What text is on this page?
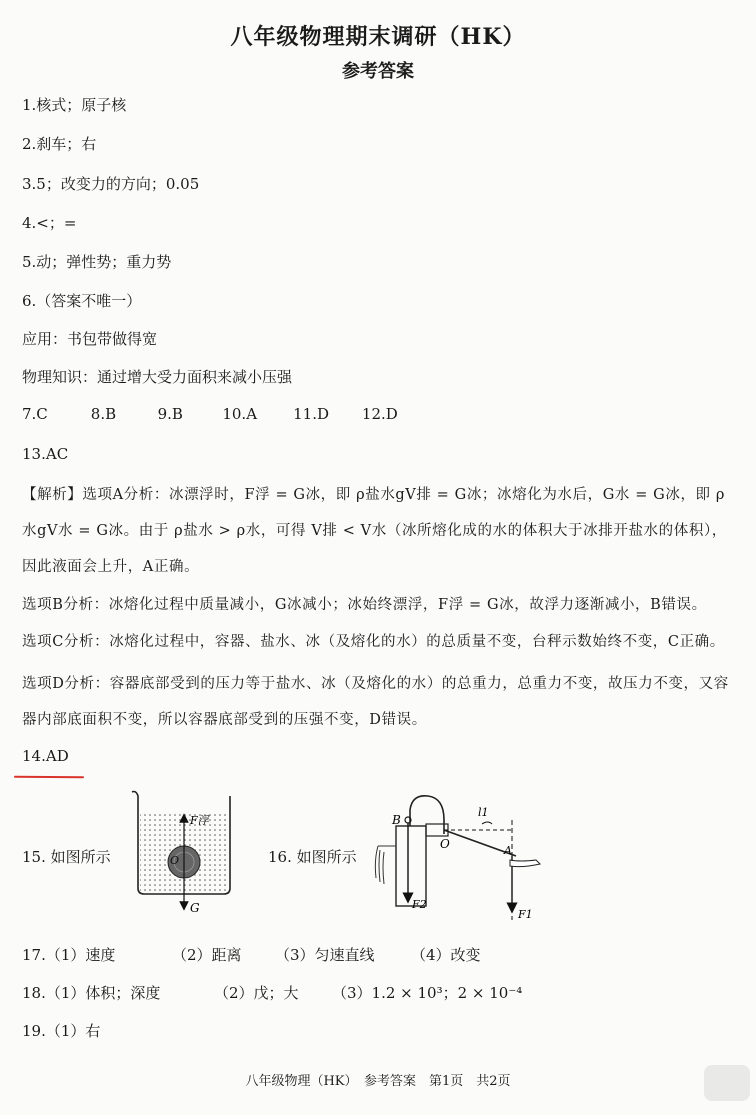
八年级物理期末调研（HK）
参考答案
1.核式；原子核
2.刹车；右
3.5；改变力的方向；0.05
4.<；=
5.动；弹性势；重力势
6.（答案不唯一）
应用：书包带做得宽
物理知识：通过增大受力面积来减小压强
7.C	8.B	9.B	10.A 11.D 12.D
13.AC
【解析】选项A分析：冰漂浮时，F浮 = G冰，即 ρ盐水gV排 = G冰；冰熔化为水后，G水 = G冰，即 ρ水gV水 = G冰。由于 ρ盐水 > ρ水，可得 V排 < V水（冰所熔化成的水的体积大于冰排开盐水的体积），因此液面会上升，A正确。
选项B分析：冰熔化过程中质量减小，G冰减小；冰始终漂浮，F浮 = G冰，故浮力逐渐减小，B错误。
选项C分析：冰熔化过程中，容器、盐水、冰（及熔化的水）的总质量不变，台秤示数始终不变，C正确。
选项D分析：容器底部受到的压力等于盐水、冰（及熔化的水）的总重力，总重力不变，故压力不变，又容器内部底面积不变，所以容器底部受到的压强不变，D错误。
14.AD
15. 如图所示
F浮
G
O	16. 如图所示
B
O	A
l1
F1
F2
17.（1）速度	（2）距离 （3）匀速直线 （4）改变
18.（1）体积；深度	（2）戊；大 （3）1.2 × 10³；2 × 10⁻⁴
19.（1）右
八年级物理（HK）　参考答案　第1页　共2页
